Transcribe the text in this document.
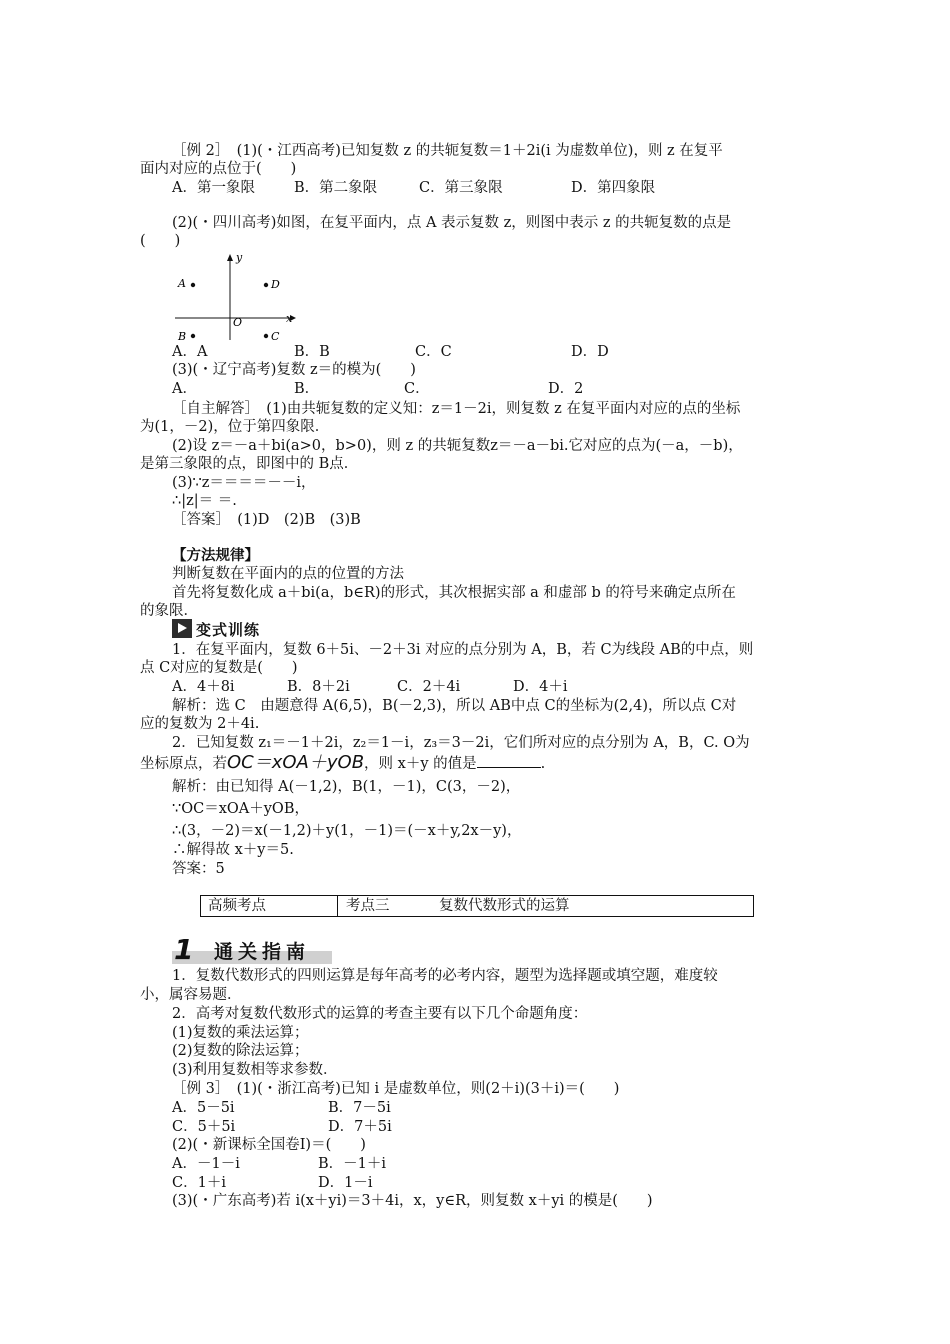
［例 2］　(1)(・江西高考)已知复数 z 的共轭复数＝1＋2i(i 为虚数单位)，则 z 在复平
面内对应的点位于(　　)
A．第一象限	B．第二象限	C．第三象限	D．第四象限
(2)(・四川高考)如图，在复平面内，点 A 表示复数 z，则图中表示 z 的共轭复数的点是
(　　)
y
x
O
A	D
B	C
A．A	B．B	C．C	D．D
(3)(・辽宁高考)复数 z＝的模为(　　)
A．	B．	C．	D．2
［自主解答］　(1)由共轭复数的定义知：z＝1－2i，则复数 z 在复平面内对应的点的坐标
为(1，－2)，位于第四象限．
(2)设 z＝－a＋bi(a>0，b>0)，则 z 的共轭复数z＝－a－bi.它对应的点为(－a，－b)，
是第三象限的点，即图中的 B点．
(3)∵z＝＝＝＝－－i，
∴|z|＝ ＝.
［答案］　(1)D　(2)B　(3)B
【方法规律】
判断复数在平面内的点的位置的方法
首先将复数化成 a＋bi(a，b∈R)的形式，其次根据实部 a 和虚部 b 的符号来确定点所在
的象限．
变式训练
1．在复平面内，复数 6＋5i、－2＋3i 对应的点分别为 A，B，若 C为线段 AB的中点，则
点 C对应的复数是(　　)
A．4＋8i	B．8＋2i	C．2＋4i	D．4＋i
解析：选 C　由题意得 A(6,5)，B(－2,3)，所以 AB中点 C的坐标为(2,4)，所以点 C对
应的复数为 2＋4i.
2．已知复数 z₁＝－1＋2i，z₂＝1－i，z₃＝3－2i，它们所对应的点分别为 A，B，C. O为
坐标原点，若OC＝xOA＋yOB，则 x＋y 的值是	.
解析：由已知得 A(－1,2)，B(1，－1)，C(3，－2)，
∵OC＝xOA＋yOB，
∴(3，－2)＝x(－1,2)＋y(1，－1)＝(－x＋y,2x－y)，
∴解得故 x＋y＝5.
答案：5
高频考点	考点三	复数代数形式的运算
1	通关指南
1．复数代数形式的四则运算是每年高考的必考内容，题型为选择题或填空题，难度较
小，属容易题．
2．高考对复数代数形式的运算的考查主要有以下几个命题角度：
(1)复数的乘法运算；
(2)复数的除法运算；
(3)利用复数相等求参数．
［例 3］　(1)(・浙江高考)已知 i 是虚数单位，则(2＋i)(3＋i)＝(　　)
A．5－5i	B．7－5i
C．5＋5i	D．7＋5i
(2)(・新课标全国卷Ⅰ)＝(　　)
A．－1－i	B．－1＋i
C．1＋i	D．1－i
(3)(・广东高考)若 i(x＋yi)＝3＋4i，x，y∈R，则复数 x＋yi 的模是(　　)
